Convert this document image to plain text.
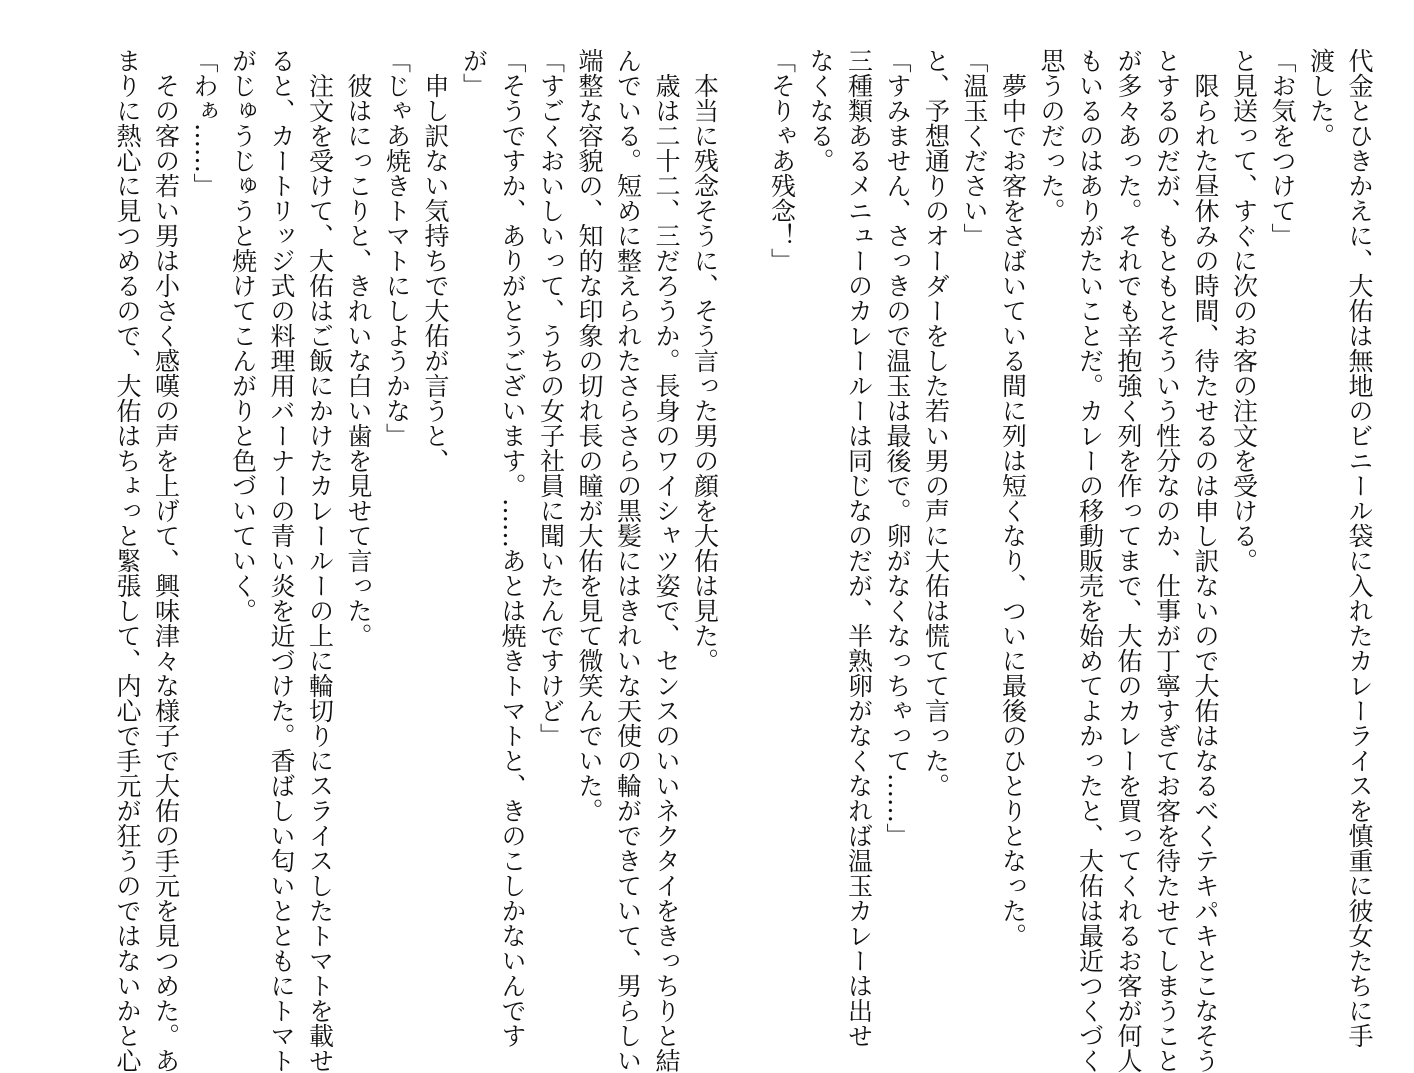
代金とひきかえに、大佑は無地のビニール袋に入れたカレーライスを慎重に彼女たちに手
渡した。
「お気をつけて」
と見送って、すぐに次のお客の注文を受ける。
限られた昼休みの時間、待たせるのは申し訳ないので大佑はなるべくテキパキとこなそう
とするのだが、もともとそういう性分なのか、仕事が丁寧すぎてお客を待たせてしまうこと
が多々あった。それでも辛抱強く列を作ってまで、大佑のカレーを買ってくれるお客が何人
もいるのはありがたいことだ。カレーの移動販売を始めてよかったと、大佑は最近つくづく
思うのだった。
夢中でお客をさばいている間に列は短くなり、ついに最後のひとりとなった。
「温玉ください」
と、予想通りのオーダーをした若い男の声に大佑は慌てて言った。
「すみません、さっきので温玉は最後で。卵がなくなっちゃって……」
三種類あるメニューのカレールーは同じなのだが、半熟卵がなくなれば温玉カレーは出せ
なくなる。
「そりゃあ残念！」
本当に残念そうに、そう言った男の顔を大佑は見た。
歳は二十二、三だろうか。長身のワイシャツ姿で、センスのいいネクタイをきっちりと結
んでいる。短めに整えられたさらさらの黒髪にはきれいな天使の輪ができていて、男らしい
端整な容貌の、知的な印象の切れ長の瞳が大佑を見て微笑んでいた。
「すごくおいしいって、うちの女子社員に聞いたんですけど」
「そうですか、ありがとうございます。……あとは焼きトマトと、きのこしかないんです
が」
申し訳ない気持ちで大佑が言うと、
「じゃあ焼きトマトにしようかな」
彼はにっこりと、きれいな白い歯を見せて言った。
注文を受けて、大佑はご飯にかけたカレールーの上に輪切りにスライスしたトマトを載せ
ると、カートリッジ式の料理用バーナーの青い炎を近づけた。香ばしい匂いとともにトマト
がじゅうじゅうと焼けてこんがりと色づいていく。
「わぁ……」
その客の若い男は小さく感嘆の声を上げて、興味津々な様子で大佑の手元を見つめた。あ
まりに熱心に見つめるので、大佑はちょっと緊張して、内心で手元が狂うのではないかと心
